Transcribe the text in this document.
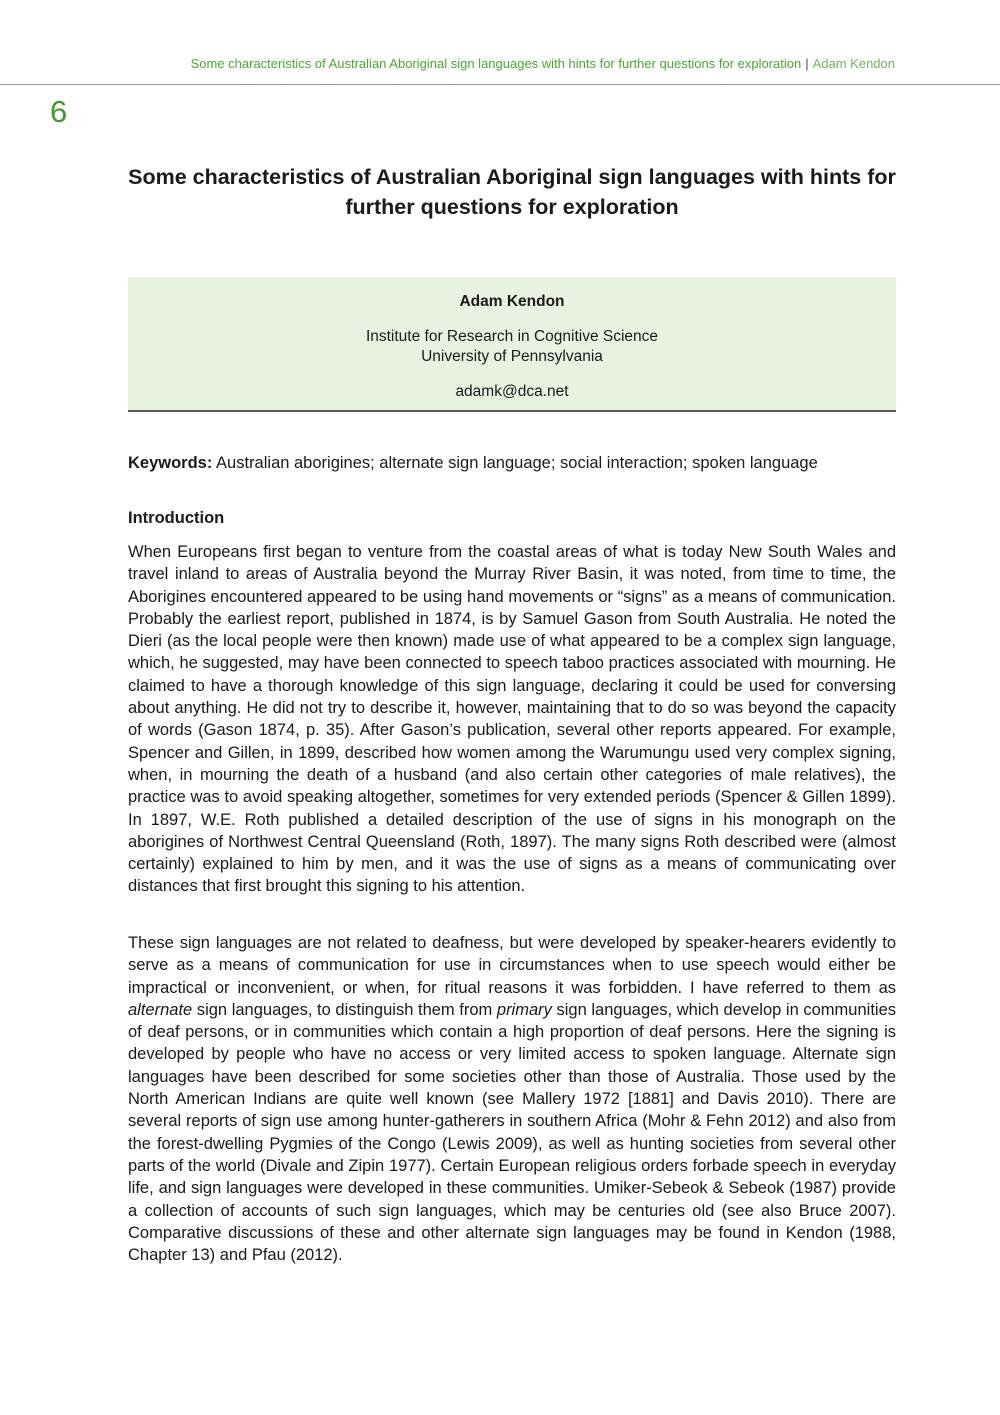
Some characteristics of Australian Aboriginal sign languages with hints for further questions for exploration | Adam Kendon
6
Some characteristics of Australian Aboriginal sign languages with hints for further questions for exploration
Adam Kendon
Institute for Research in Cognitive Science
University of Pennsylvania
adamk@dca.net
Keywords: Australian aborigines; alternate sign language; social interaction; spoken language
Introduction

When Europeans first began to venture from the coastal areas of what is today New South Wales and travel inland to areas of Australia beyond the Murray River Basin, it was noted, from time to time, the Aborigines encountered appeared to be using hand movements or “signs” as a means of communication. Probably the earliest report, published in 1874, is by Samuel Gason from South Australia. He noted the Dieri (as the local people were then known) made use of what appeared to be a complex sign language, which, he suggested, may have been connected to speech taboo practices associated with mourning. He claimed to have a thorough knowledge of this sign language, declaring it could be used for conversing about anything. He did not try to describe it, however, maintaining that to do so was beyond the capacity of words (Gason 1874, p. 35). After Gason’s publication, several other reports appeared. For example, Spencer and Gillen, in 1899, described how women among the Warumungu used very complex signing, when, in mourning the death of a husband (and also certain other categories of male relatives), the practice was to avoid speaking altogether, sometimes for very extended periods (Spencer & Gillen 1899). In 1897, W.E. Roth published a detailed description of the use of signs in his monograph on the aborigines of Northwest Central Queensland (Roth, 1897). The many signs Roth described were (almost certainly) explained to him by men, and it was the use of signs as a means of communicating over distances that first brought this signing to his attention.

These sign languages are not related to deafness, but were developed by speaker-hearers evidently to serve as a means of communication for use in circumstances when to use speech would either be impractical or inconvenient, or when, for ritual reasons it was forbidden. I have referred to them as alternate sign languages, to distinguish them from primary sign languages, which develop in communities of deaf persons, or in communities which contain a high proportion of deaf persons. Here the signing is developed by people who have no access or very limited access to spoken language. Alternate sign languages have been described for some societies other than those of Australia. Those used by the North American Indians are quite well known (see Mallery 1972 [1881] and Davis 2010). There are several reports of sign use among hunter-gatherers in southern Africa (Mohr & Fehn 2012) and also from the forest-dwelling Pygmies of the Congo (Lewis 2009), as well as hunting societies from several other parts of the world (Divale and Zipin 1977). Certain European religious orders forbade speech in everyday life, and sign languages were developed in these communities. Umiker-Sebeok & Sebeok (1987) provide a collection of accounts of such sign languages, which may be centuries old (see also Bruce 2007). Comparative discussions of these and other alternate sign languages may be found in Kendon (1988, Chapter 13) and Pfau (2012).
